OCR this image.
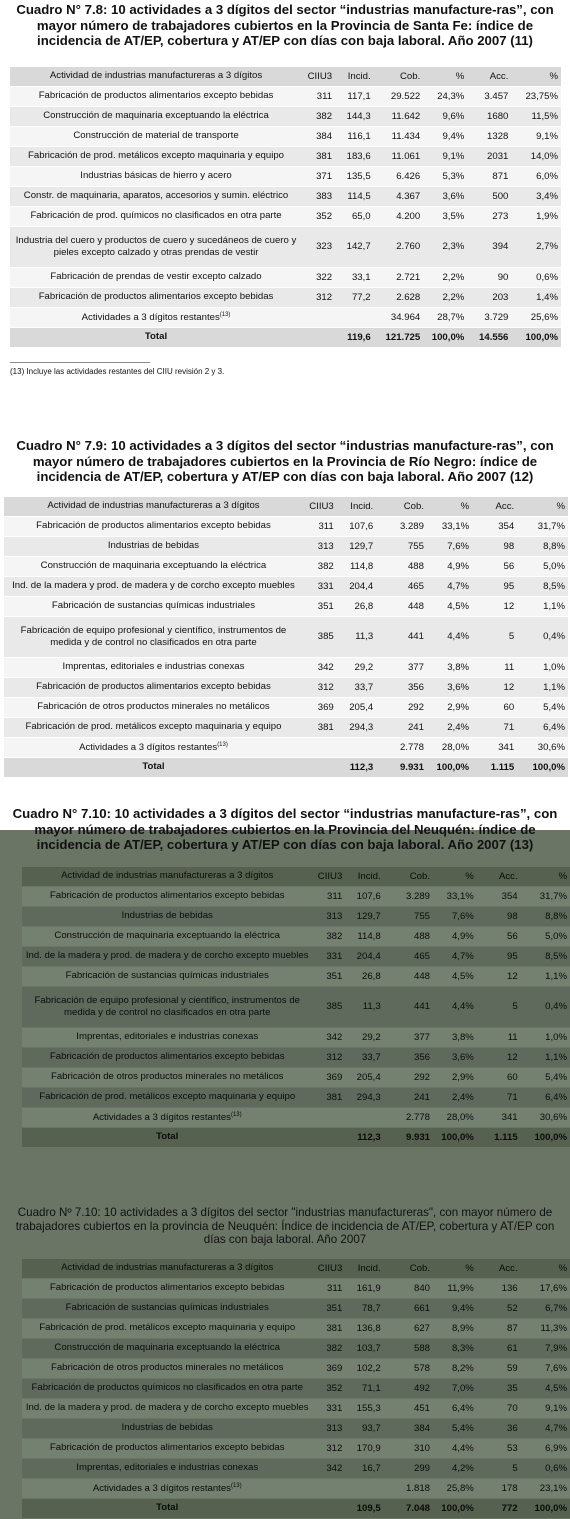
Cuadro N° 7.8: 10 actividades a 3 dígitos del sector “industrias manufacture-ras”, con mayor número de trabajadores cubiertos en la Provincia de Santa Fe: índice de incidencia de AT/EP, cobertura y AT/EP con días con baja laboral. Año 2007 (11)
Actividad de industrias manufactureras a 3 dígitos	CIIU3	Incid.	Cob.	%	Acc.	%
Fabricación de productos alimentarios excepto bebidas	311	117,1	29.522	24,3%	3.457	23,75%
Construcción de maquinaria exceptuando la eléctrica	382	144,3	11.642	9,6%	1680	11,5%
Construcción de material de transporte	384	116,1	11.434	9,4%	1328	9,1%
Fabricación de prod. metálicos excepto maquinaria y equipo	381	183,6	11.061	9,1%	2031	14,0%
Industrias básicas de hierro y acero	371	135,5	6.426	5,3%	871	6,0%
Constr. de maquinaria, aparatos, accesorios y sumin. eléctrico	383	114,5	4.367	3,6%	500	3,4%
Fabricación de prod. químicos no clasificados en otra parte	352	65,0	4.200	3,5%	273	1,9%
Industria del cuero y productos de cuero y sucedáneos de cuero y pieles excepto calzado y otras prendas de vestir	323	142,7	2.760	2,3%	394	2,7%
Fabricación de prendas de vestir excepto calzado	322	33,1	2.721	2,2%	90	0,6%
Fabricación de productos alimentarios excepto bebidas	312	77,2	2.628	2,2%	203	1,4%
Actividades a 3 dígitos restantes$^{(13)}$			34.964	28,7%	3.729	25,6%
Total		119,6	121.725	100,0%	14.556	100,0%
(13) Incluye las actividades restantes del CIIU revisión 2 y 3.
Cuadro N° 7.9: 10 actividades a 3 dígitos del sector “industrias manufacture-ras”, con mayor número de trabajadores cubiertos en la Provincia de Río Negro: índice de incidencia de AT/EP, cobertura y AT/EP con días con baja laboral. Año 2007 (12)
Actividad de industrias manufactureras a 3 dígitos	CIIU3	Incid.	Cob.	%	Acc.	%
Fabricación de productos alimentarios excepto bebidas	311	107,6	3.289	33,1%	354	31,7%
Industrias de bebidas	313	129,7	755	7,6%	98	8,8%
Construcción de maquinaria exceptuando la eléctrica	382	114,8	488	4,9%	56	5,0%
Ind. de la madera y prod. de madera y de corcho excepto muebles	331	204,4	465	4,7%	95	8,5%
Fabricación de sustancias químicas industriales	351	26,8	448	4,5%	12	1,1%
Fabricación de equipo profesional y científico, instrumentos de medida y de control no clasificados en otra parte	385	11,3	441	4,4%	5	0,4%
Imprentas, editoriales e industrias conexas	342	29,2	377	3,8%	11	1,0%
Fabricación de productos alimentarios excepto bebidas	312	33,7	356	3,6%	12	1,1%
Fabricación de otros productos minerales no metálicos	369	205,4	292	2,9%	60	5,4%
Fabricación de prod. metálicos excepto maquinaria y equipo	381	294,3	241	2,4%	71	6,4%
Actividades a 3 dígitos restantes$^{(13)}$			2.778	28,0%	341	30,6%
Total		112,3	9.931	100,0%	1.115	100,0%
Cuadro N° 7.10: 10 actividades a 3 dígitos del sector “industrias manufacture-ras”, con mayor número de trabajadores cubiertos en la Provincia del Neuquén: índice de incidencia de AT/EP, cobertura y AT/EP con días con baja laboral. Año 2007 (13)
Actividad de industrias manufactureras a 3 dígitos	CIIU3	Incid.	Cob.	%	Acc.	%
Fabricación de productos alimentarios excepto bebidas	311	107,6	3.289	33,1%	354	31,7%
Industrias de bebidas	313	129,7	755	7,6%	98	8,8%
Construcción de maquinaria exceptuando la eléctrica	382	114,8	488	4,9%	56	5,0%
Ind. de la madera y prod. de madera y de corcho excepto muebles	331	204,4	465	4,7%	95	8,5%
Fabricación de sustancias químicas industriales	351	26,8	448	4,5%	12	1,1%
Fabricación de equipo profesional y científico, instrumentos de medida y de control no clasificados en otra parte	385	11,3	441	4,4%	5	0,4%
Imprentas, editoriales e industrias conexas	342	29,2	377	3,8%	11	1,0%
Fabricación de productos alimentarios excepto bebidas	312	33,7	356	3,6%	12	1,1%
Fabricación de otros productos minerales no metálicos	369	205,4	292	2,9%	60	5,4%
Fabricación de prod. metálicos excepto maquinaria y equipo	381	294,3	241	2,4%	71	6,4%
Actividades a 3 dígitos restantes$^{(13)}$			2.778	28,0%	341	30,6%
Total		112,3	9.931	100,0%	1.115	100,0%
Cuadro Nº 7.10: 10 actividades a 3 dígitos del sector "industrias manufactureras", con mayor número de trabajadores cubiertos en la provincia de Neuquén: Índice de incidencia de AT/EP, cobertura y AT/EP con días con baja laboral. Año 2007
Actividad de industrias manufactureras a 3 dígitos	CIIU3	Incid.	Cob.	%	Acc.	%
Fabricación de productos alimentarios excepto bebidas	311	161,9	840	11,9%	136	17,6%
Fabricación de sustancias químicas industriales	351	78,7	661	9,4%	52	6,7%
Fabricación de prod. metálicos excepto maquinaria y equipo	381	136,8	627	8,9%	87	11,3%
Construcción de maquinaria exceptuando la eléctrica	382	103,7	588	8,3%	61	7,9%
Fabricación de otros productos minerales no metálicos	369	102,2	578	8,2%	59	7,6%
Fabricación de productos químicos no clasificados en otra parte	352	71,1	492	7,0%	35	4,5%
Ind. de la madera y prod. de madera y de corcho excepto muebles	331	155,3	451	6,4%	70	9,1%
Industrias de bebidas	313	93,7	384	5,4%	36	4,7%
Fabricación de productos alimentarios excepto bebidas	312	170,9	310	4,4%	53	6,9%
Imprentas, editoriales e industrias conexas	342	16,7	299	4,2%	5	0,6%
Actividades a 3 dígitos restantes$^{(13)}$			1.818	25,8%	178	23,1%
Total		109,5	7.048	100,0%	772	100,0%
